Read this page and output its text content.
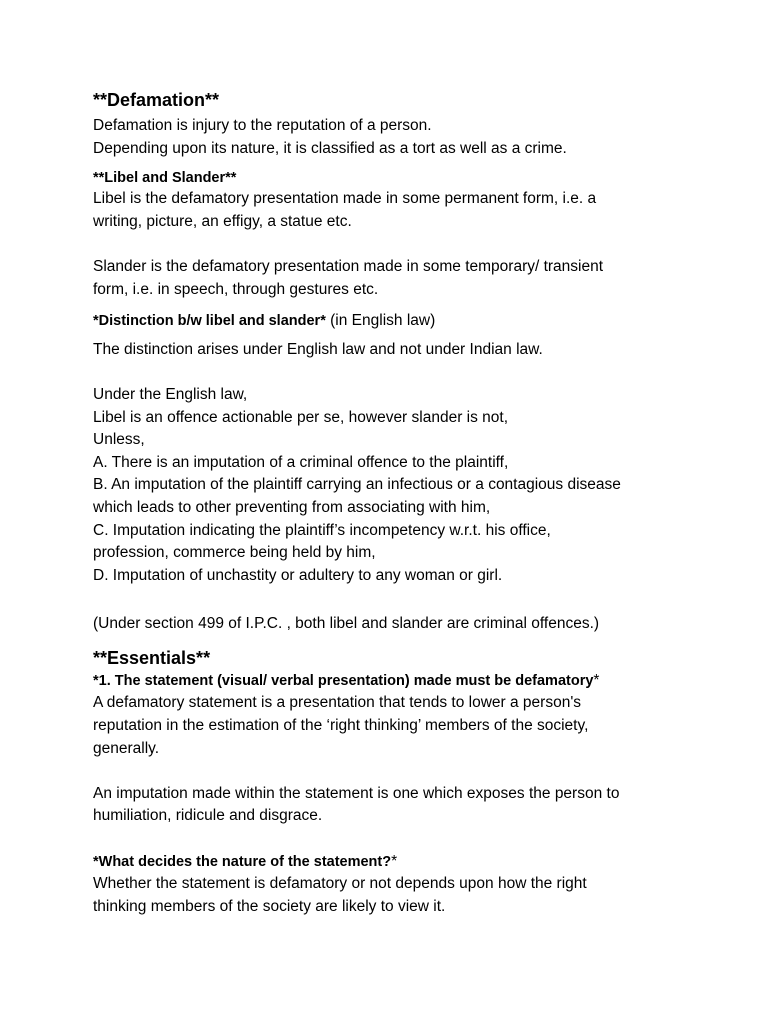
**Defamation**
Defamation is injury to the reputation of a person.
Depending upon its nature, it is classified as a tort as well as a crime.
**Libel and Slander**
Libel is the defamatory presentation made in some permanent form, i.e. a
writing, picture, an effigy, a statue etc.
Slander is the defamatory presentation made in some temporary/ transient
form, i.e. in speech, through gestures etc.
*Distinction b/w libel and slander* (in English law)
The distinction arises under English law and not under Indian law.
Under the English law,
Libel is an offence actionable per se, however slander is not,
Unless,
A. There is an imputation of a criminal offence to the plaintiff,
B. An imputation of the plaintiff carrying an infectious or a contagious disease
which leads to other preventing from associating with him,
C. Imputation indicating the plaintiff’s incompetency w.r.t. his office,
profession, commerce being held by him,
D. Imputation of unchastity or adultery to any woman or girl.
(Under section 499 of I.P.C. , both libel and slander are criminal offences.)
**Essentials**
*1. The statement (visual/ verbal presentation) made must be defamatory*
A defamatory statement is a presentation that tends to lower a person's
reputation in the estimation of the ‘right thinking’ members of the society,
generally.
An imputation made within the statement is one which exposes the person to
humiliation, ridicule and disgrace.
*What decides the nature of the statement?*
Whether the statement is defamatory or not depends upon how the right
thinking members of the society are likely to view it.
